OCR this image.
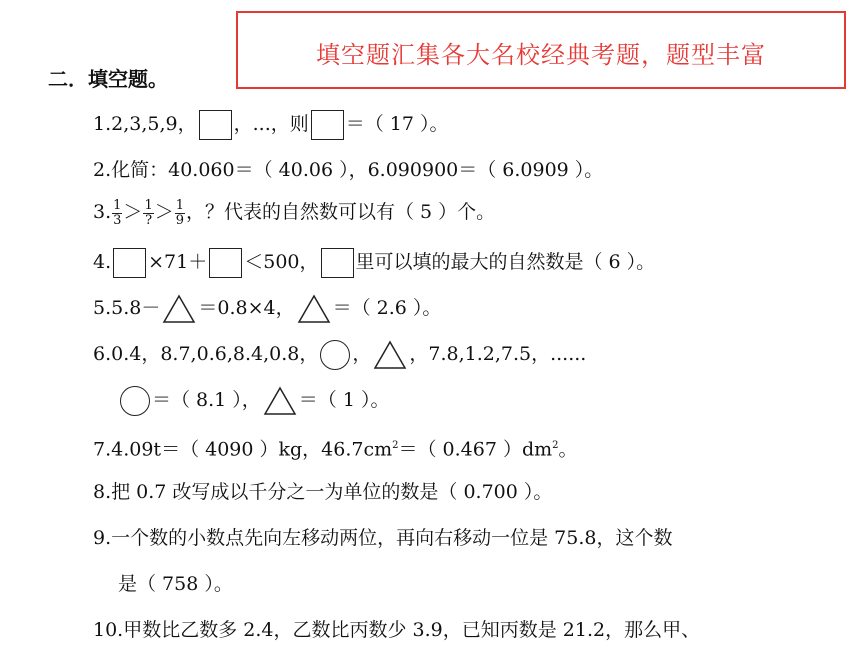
填空题汇集各大名校经典考题，题型丰富
二．填空题。
1.2,3,5,9， ，...，则 ＝（ 17 ）。
2.化简：40.060＝（ 40.06 ），6.090900＝（ 6.0909 ）。
3. $\frac{1}{3} > \frac{1}{?} > \frac{1}{9}$ ，？代表的自然数可以有（ 5 ）个。
4. ×71＋ ＜500， 里可以填的最大的自然数是（ 6 ）。
5.5.8－ ＝0.8×4， ＝（ 2.6 ）。
6.0.4，8.7,0.6,8.4,0.8， ， ，7.8,1.2,7.5，......
＝（ 8.1 ）， ＝（ 1 ）。
7.4.09t＝（ 4090 ）kg，$46.7cm^2=$（ 0.467 ）$dm^2$。
8.把 0.7 改写成以千分之一为单位的数是（ 0.700 ）。
9.一个数的小数点先向左移动两位，再向右移动一位是 75.8，这个数
是（ 758 ）。
10.甲数比乙数多 2.4，乙数比丙数少 3.9，已知丙数是 21.2，那么甲、
